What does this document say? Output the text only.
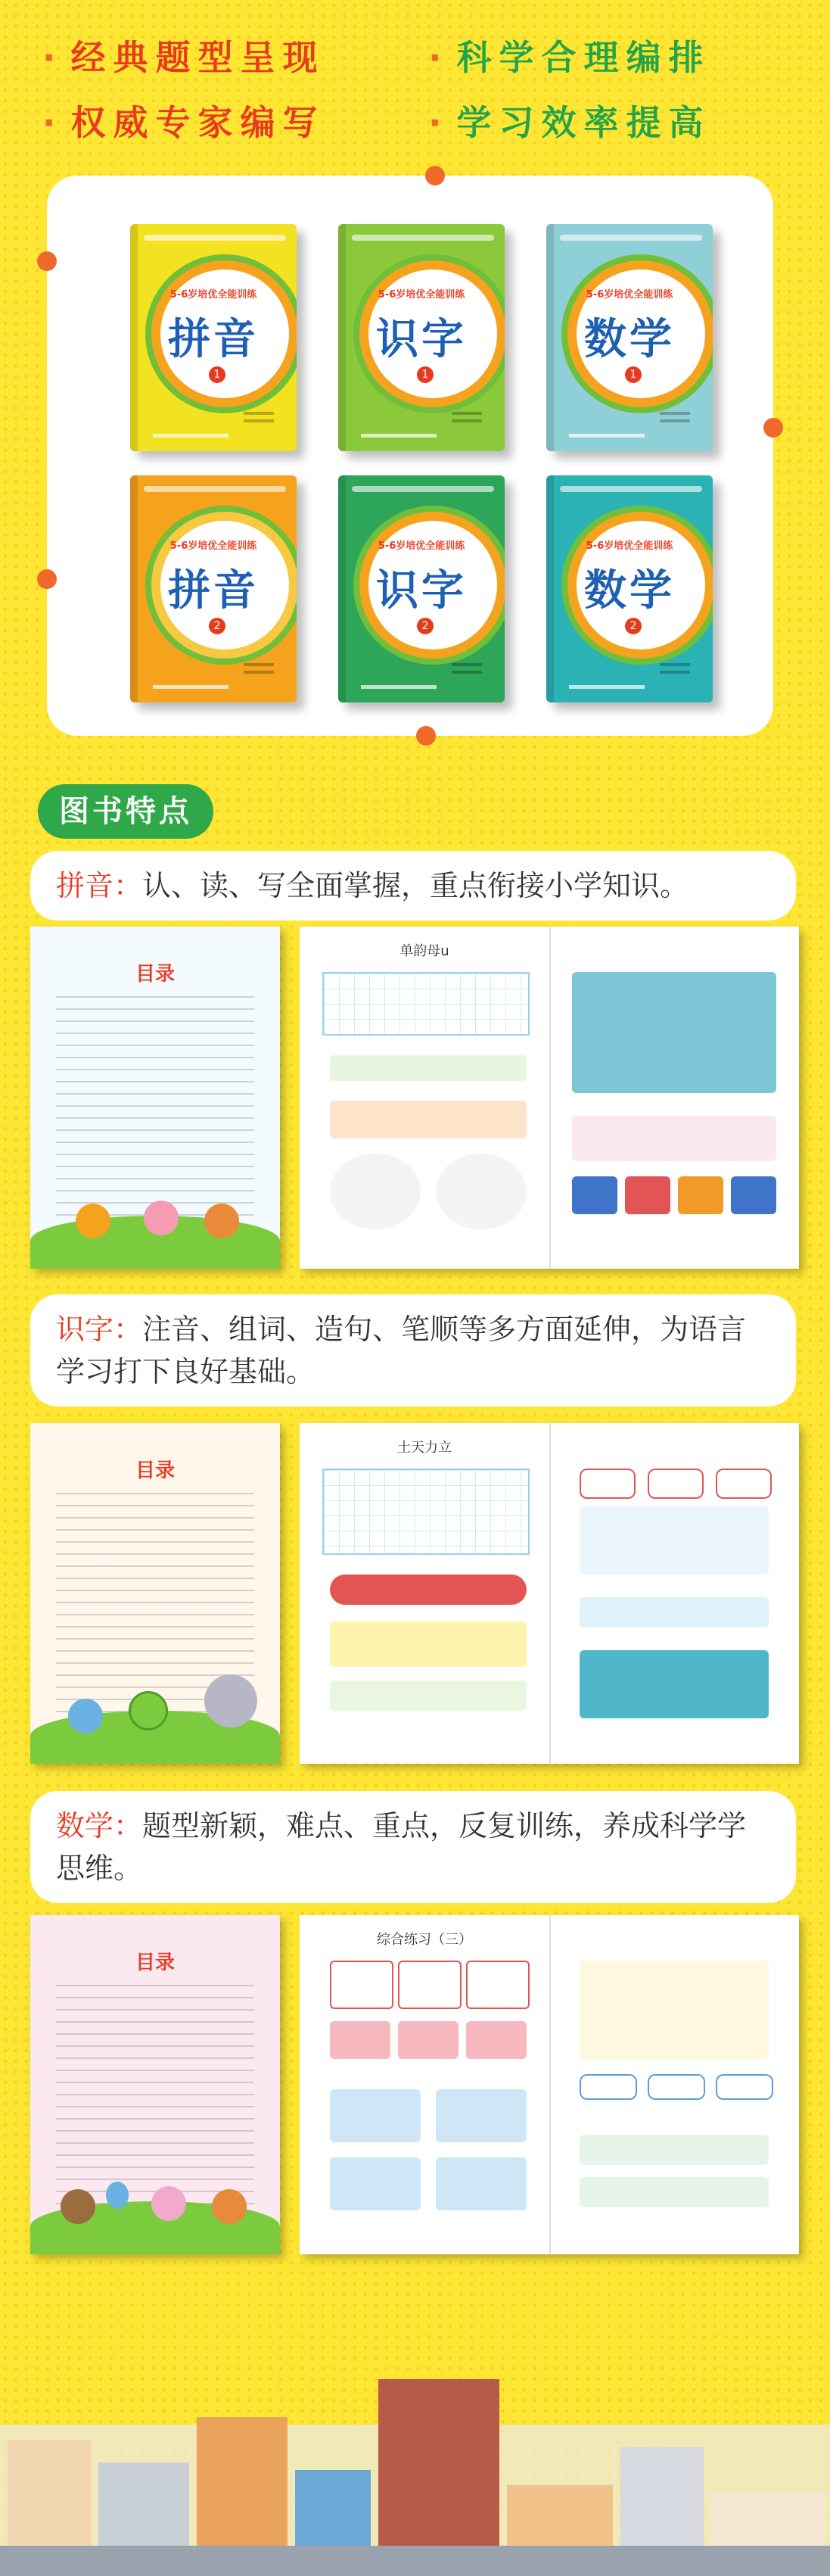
· 经典题型呈现	· 科学合理编排
· 权威专家编写	· 学习效率提高
5-6岁培优全能训练
拼音
1
5-6岁培优全能训练
识字
1
5-6岁培优全能训练
数学
1
5-6岁培优全能训练
拼音
2
5-6岁培优全能训练
识字
2
5-6岁培优全能训练
数学
2
图书特点
拼音：认、读、写全面掌握，重点衔接小学知识。
目录
单韵母u
识字：注音、组词、造句、笔顺等多方面延伸，为语言学习打下良好基础。
目录
土天力立
数学：题型新颖，难点、重点，反复训练，养成科学学思维。
目录
综合练习（三）
